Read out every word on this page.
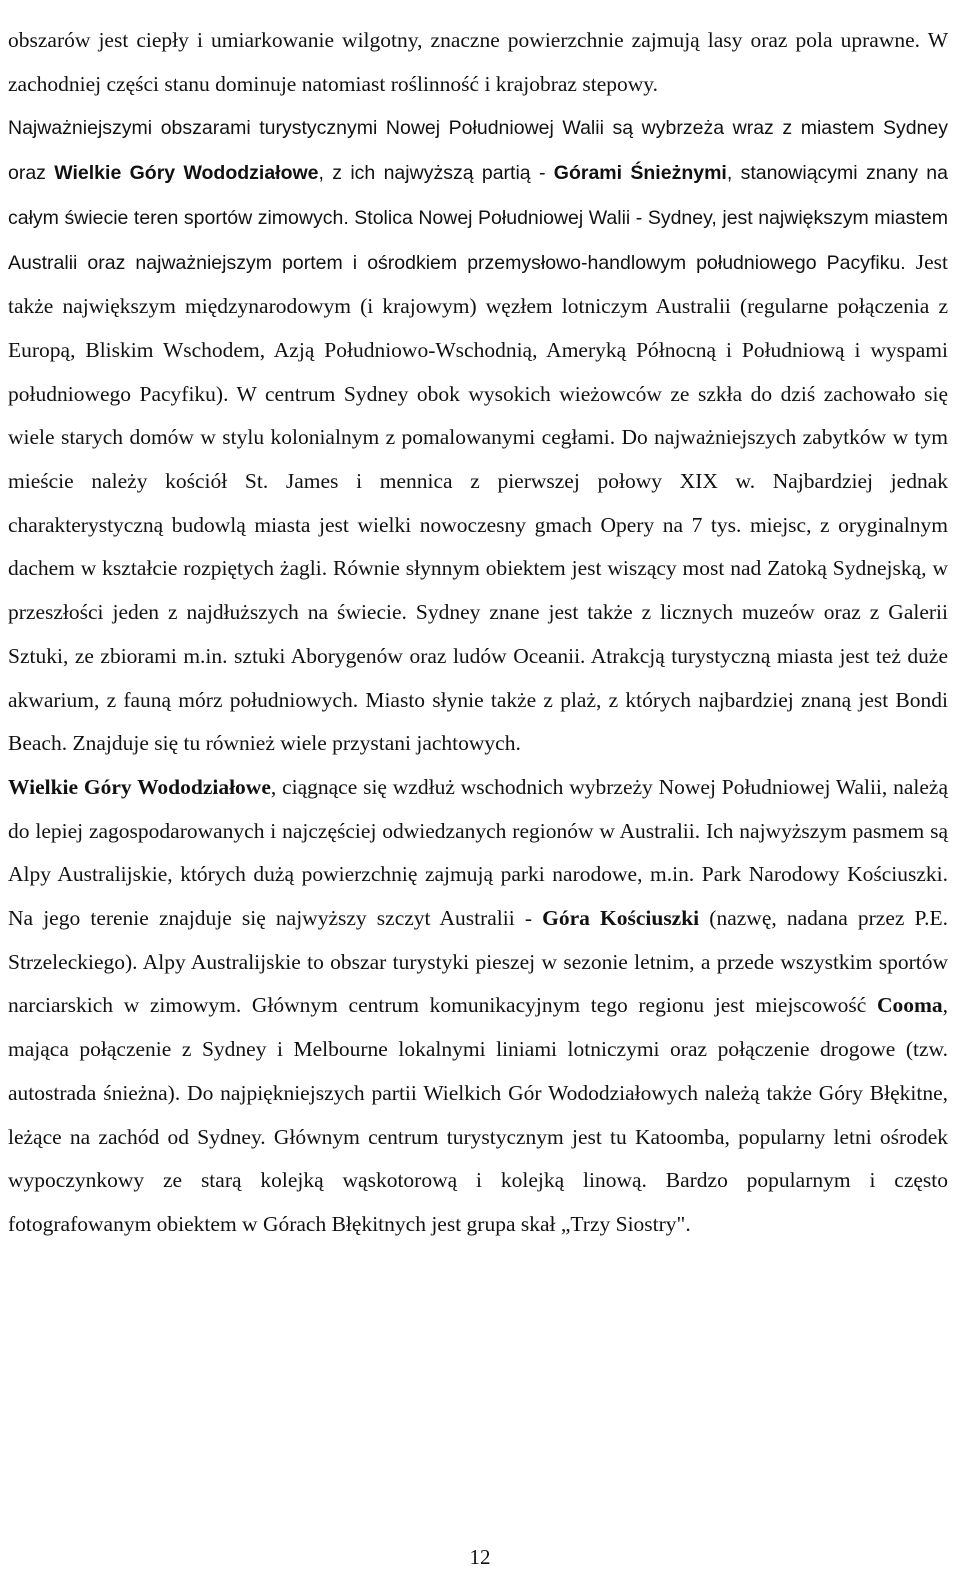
obszarów jest ciepły i umiarkowanie wilgotny, znaczne powierzchnie zajmują lasy oraz pola uprawne. W zachodniej części stanu dominuje natomiast roślinność i krajobraz stepowy.

Najważniejszymi obszarami turystycznymi Nowej Południowej Walii są wybrzeża wraz z miastem Sydney oraz Wielkie Góry Wododziałowe, z ich najwyższą partią - Górami Śnieżnymi, stanowiącymi znany na całym świecie teren sportów zimowych. Stolica Nowej Południowej Walii - Sydney, jest największym miastem Australii oraz najważniejszym portem i ośrodkiem przemysłowo-handlowym południowego Pacyfiku. Jest także największym międzynarodowym (i krajowym) węzłem lotniczym Australii (regularne połączenia z Europą, Bliskim Wschodem, Azją Południowo-Wschodnią, Ameryką Północną i Południową i wyspami południowego Pacyfiku). W centrum Sydney obok wysokich wieżowców ze szkła do dziś zachowało się wiele starych domów w stylu kolonialnym z pomalowanymi cegłami. Do najważniejszych zabytków w tym mieście należy kościół St. James i mennica z pierwszej połowy XIX w. Najbardziej jednak charakterystyczną budowlą miasta jest wielki nowoczesny gmach Opery na 7 tys. miejsc, z oryginalnym dachem w kształcie rozpiętych żagli. Równie słynnym obiektem jest wiszący most nad Zatoką Sydnejską, w przeszłości jeden z najdłuższych na świecie. Sydney znane jest także z licznych muzeów oraz z Galerii Sztuki, ze zbiorami m.in. sztuki Aborygenów oraz ludów Oceanii. Atrakcją turystyczną miasta jest też duże akwarium, z fauną mórz południowych. Miasto słynie także z plaż, z których najbardziej znaną jest Bondi Beach. Znajduje się tu również wiele przystani jachtowych.

Wielkie Góry Wododziałowe, ciągnące się wzdłuż wschodnich wybrzeży Nowej Południowej Walii, należą do lepiej zagospodarowanych i najczęściej odwiedzanych regionów w Australii. Ich najwyższym pasmem są Alpy Australijskie, których dużą powierzchnię zajmują parki narodowe, m.in. Park Narodowy Kościuszki. Na jego terenie znajduje się najwyższy szczyt Australii - Góra Kościuszki (nazwę, nadana przez P.E. Strzeleckiego). Alpy Australijskie to obszar turystyki pieszej w sezonie letnim, a przede wszystkim sportów narciarskich w zimowym. Głównym centrum komunikacyjnym tego regionu jest miejscowość Cooma, mająca połączenie z Sydney i Melbourne lokalnymi liniami lotniczymi oraz połączenie drogowe (tzw. autostrada śnieżna). Do najpiękniejszych partii Wielkich Gór Wododziałowych należą także Góry Błękitne, leżące na zachód od Sydney. Głównym centrum turystycznym jest tu Katoomba, popularny letni ośrodek wypoczynkowy ze starą kolejką wąskotorową i kolejką linową. Bardzo popularnym i często fotografowanym obiektem w Górach Błękitnych jest grupa skał „Trzy Siostry".

12
